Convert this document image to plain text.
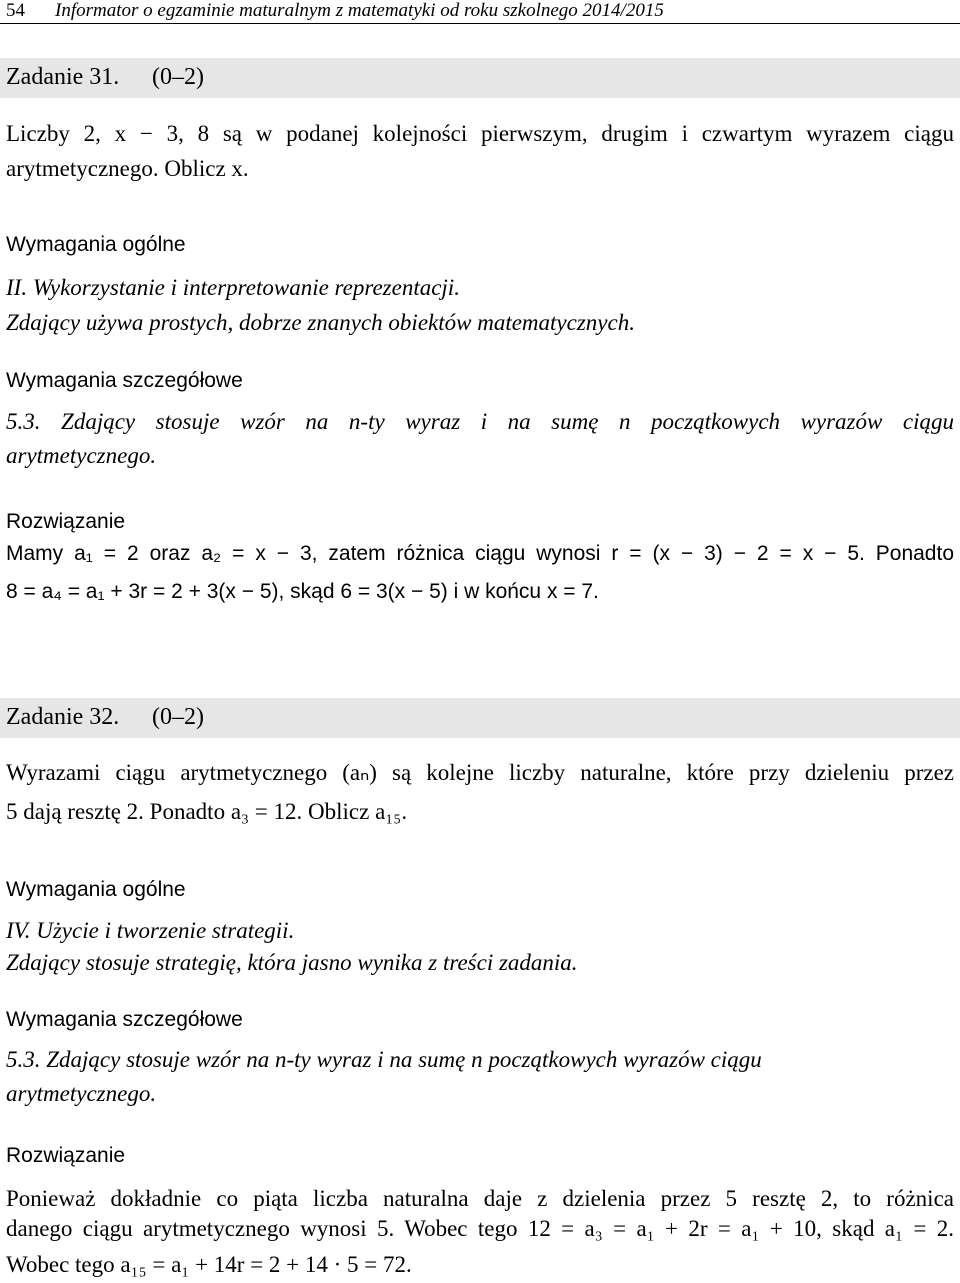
54 Informator o egzaminie maturalnym z matematyki od roku szkolnego 2014/2015
Zadanie 31. (0–2)
Liczby 2, x − 3, 8 są w podanej kolejności pierwszym, drugim i czwartym wyrazem ciągu
arytmetycznego. Oblicz x.
Wymagania ogólne
II. Wykorzystanie i interpretowanie reprezentacji.
Zdający używa prostych, dobrze znanych obiektów matematycznych.
Wymagania szczegółowe
5.3. Zdający stosuje wzór na n-ty wyraz i na sumę n początkowych wyrazów ciągu
arytmetycznego.
Rozwiązanie
Mamy a₁ = 2 oraz a₂ = x − 3, zatem różnica ciągu wynosi r = (x − 3) − 2 = x − 5. Ponadto
8 = a₄ = a₁ + 3r = 2 + 3(x − 5), skąd 6 = 3(x − 5) i w końcu x = 7.
Zadanie 32. (0–2)
Wyrazami ciągu arytmetycznego (aₙ) są kolejne liczby naturalne, które przy dzieleniu przez
5 dają resztę 2. Ponadto a₃ = 12. Oblicz a₁₅.
Wymagania ogólne
IV. Użycie i tworzenie strategii.
Zdający stosuje strategię, która jasno wynika z treści zadania.
Wymagania szczegółowe
5.3. Zdający stosuje wzór na n-ty wyraz i na sumę n początkowych wyrazów ciągu
arytmetycznego.
Rozwiązanie
Ponieważ dokładnie co piąta liczba naturalna daje z dzielenia przez 5 resztę 2, to różnica
danego ciągu arytmetycznego wynosi 5. Wobec tego 12 = a₃ = a₁ + 2r = a₁ + 10, skąd a₁ = 2.
Wobec tego a₁₅ = a₁ + 14r = 2 + 14 · 5 = 72.
